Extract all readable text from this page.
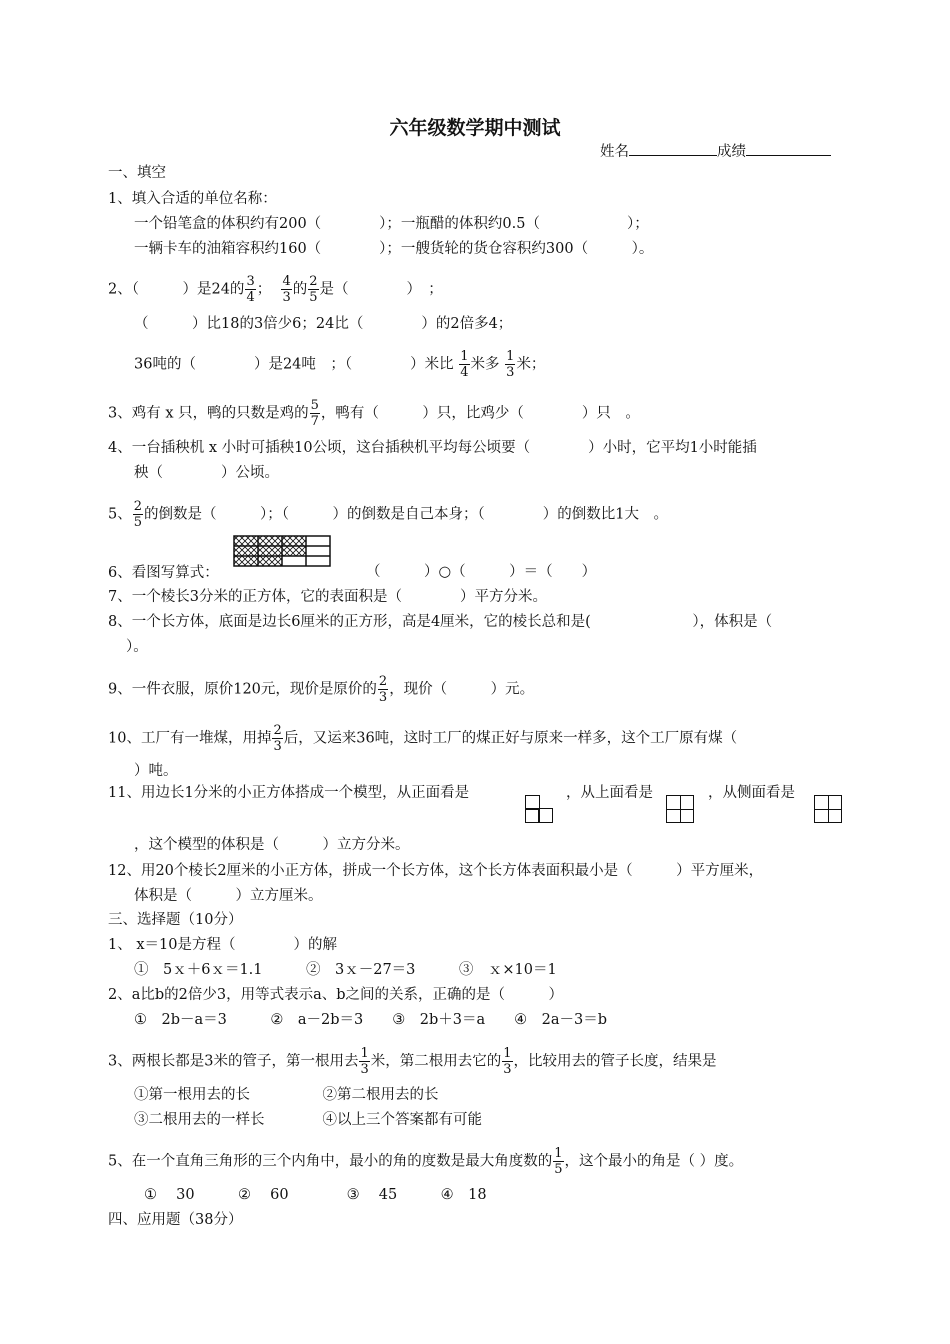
六年级数学期中测试
姓名	成绩
一、填空
1、填入合适的单位名称：
一个铅笔盒的体积约有200（　　　　）；一瓶醋的体积约0.5（　　　　　　）；
一辆卡车的油箱容积约160（　　　　）；一艘货轮的货仓容积约300（　　　）。
2、（　　　）是24的 $\frac{3}{4}$ ； $\frac{4}{3}$ 的 $\frac{2}{5}$ 是（　　　　）　；
（　　　）比18的3倍少6；24比（　　　　）的2倍多4；
36吨的（　　　　）是24吨　；（　　　　）米比 $\frac{1}{4}$ 米多 $\frac{1}{3}$ 米；
3、鸡有 x 只，鸭的只数是鸡的 $\frac{5}{7}$ ，鸭有（　　　）只，比鸡少（　　　　）只　。
4、一台插秧机 x 小时可插秧10公顷，这台插秧机平均每公顷要（　　　　）小时，它平均1小时能插
秧（　　　　）公顷。
5、 $\frac{2}{5}$ 的倒数是（　　　）；（　　　）的倒数是自己本身；（　　　　）的倒数比1大　。
6、看图写算式：	（　　　）○（　　　）＝（　　）
7、一个棱长3分米的正方体，它的表面积是（　　　　）平方分米。
8、一个长方体，底面是边长6厘米的正方形，高是4厘米，它的棱长总和是(　　　　　　　），体积是（
）。
9、一件衣服，原价120元，现价是原价的 $\frac{2}{3}$ ，现价（　　　）元。
10、工厂有一堆煤，用掉 $\frac{2}{3}$ 后，又运来36吨，这时工厂的煤正好与原来一样多，这个工厂原有煤（
）吨。
11、用边长1分米的小正方体搭成一个模型，从正面看是	，从上面看是	，从侧面看是
，这个模型的体积是（　　　）立方分米。
12、用20个棱长2厘米的小正方体，拼成一个长方体，这个长方体表面积最小是（　　　）平方厘米，
体积是（　　　）立方厘米。
三、选择题（10分）
1、 x＝10是方程（　　　　）的解
①　5ｘ＋6ｘ＝1.1　　　②　3ｘ－27＝3　　　③　ｘ×10＝1
2、a比b的2倍少3，用等式表示a、b之间的关系，正确的是（　　　）
①　2b－a＝3　　　②　a－2b＝3　　③　2b＋3＝a　　④　2a－3＝b
3、两根长都是3米的管子，第一根用去 $\frac{1}{3}$ 米，第二根用去它的 $\frac{1}{3}$ ，比较用去的管子长度，结果是
①第一根用去的长　　　　　②第二根用去的长
③二根用去的一样长　　　　④以上三个答案都有可能
5、在一个直角三角形的三个内角中，最小的角的度数是最大角度数的 $\frac{1}{5}$ ，这个最小的角是（ ）度。
①　 30　　　②　 60　　　　③　 45　　　④　18
四、应用题（38分）
